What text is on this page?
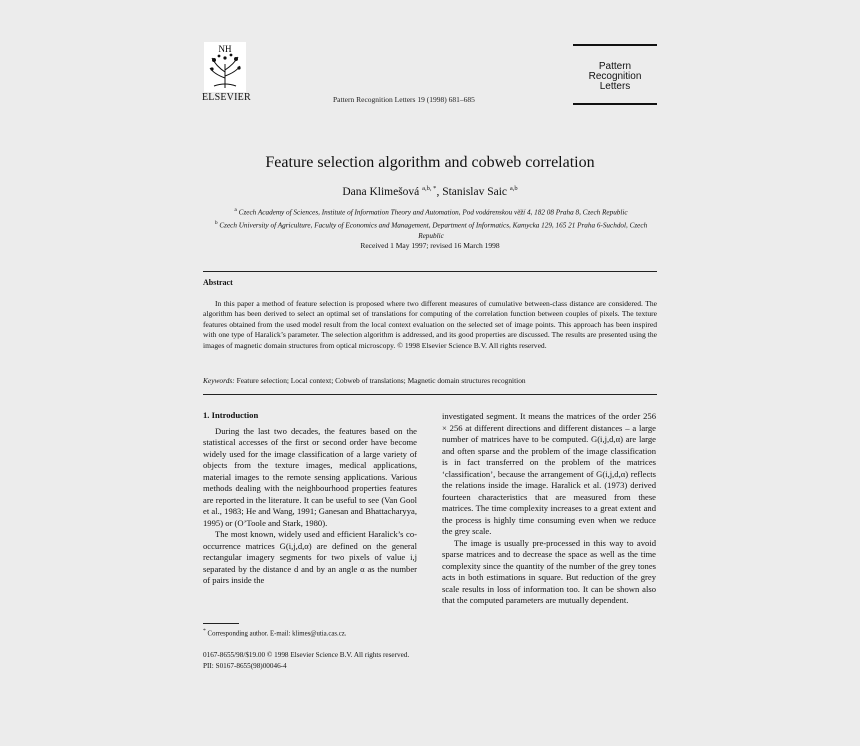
NH
ELSEVIER	Pattern Recognition Letters 19 (1998) 681–685
Pattern Recognition
Letters
Feature selection algorithm and cobweb correlation
Dana Klimešová $^{a,b, *}$, Stanislav Saic $^{a,b}$
$^a$ Czech Academy of Sciences, Institute of Information Theory and Automation, Pod vodárenskou věží 4, 182 08 Praha 8, Czech Republic
$^b$ Czech University of Agriculture, Faculty of Economics and Management, Department of Informatics, Kamycka 129, 165 21 Praha 6-Suchdol, Czech Republic
Received 1 May 1997; revised 16 March 1998
Abstract
In this paper a method of feature selection is proposed where two different measures of cumulative between-class distance are considered. The algorithm has been derived to select an optimal set of translations for computing of the correlation function between couples of pixels. The texture features obtained from the used model result from the local context evaluation on the selected set of image points. This approach has been inspired with one type of Haralick’s parameter. The selection algorithm is addressed, and its good properties are discussed. The results are presented using the images of magnetic domain structures from optical microscopy. © 1998 Elsevier Science B.V. All rights reserved.
Keywords: Feature selection; Local context; Cobweb of translations; Magnetic domain structures recognition
1. Introduction

During the last two decades, the features based on the statistical accesses of the first or second order have become widely used for the image classification of a large variety of objects from the texture images, medical applications, material images to the remote sensing applications. Various methods dealing with the neighbourhood properties features are reported in the literature. It can be useful to see (Van Gool et al., 1983; He and Wang, 1991; Ganesan and Bhattacharyya, 1995) or (O’Toole and Stark, 1980).

The most known, widely used and efficient Haralick’s co-occurrence matrices G(i,j,d,α) are defined on the general rectangular imagery segments for two pixels of value i,j separated by the distance d and by an angle α as the number of pairs inside the

investigated segment. It means the matrices of the order 256 × 256 at different directions and different distances – a large number of matrices have to be computed. G(i,j,d,α) are large and often sparse and the problem of the image classification is in fact transferred on the problem of the matrices ‘classification’, because the arrangement of G(i,j,d,α) reflects the relations inside the image. Haralick et al. (1973) derived fourteen characteristics that are measured from these matrices. The time complexity increases to a great extent and the process is highly time consuming even when we reduce the grey scale.

The image is usually pre-processed in this way to avoid sparse matrices and to decrease the space as well as the time complexity since the quantity of the number of the grey tones acts in both estimations in square. But reduction of the grey scale results in loss of information too. It can be shown also that the computed parameters are mutually dependent.

* Corresponding author. E-mail: klimes@utia.cas.cz.
0167-8655/98/$19.00 © 1998 Elsevier Science B.V. All rights reserved.
PII: S0167-8655(98)00046-4
